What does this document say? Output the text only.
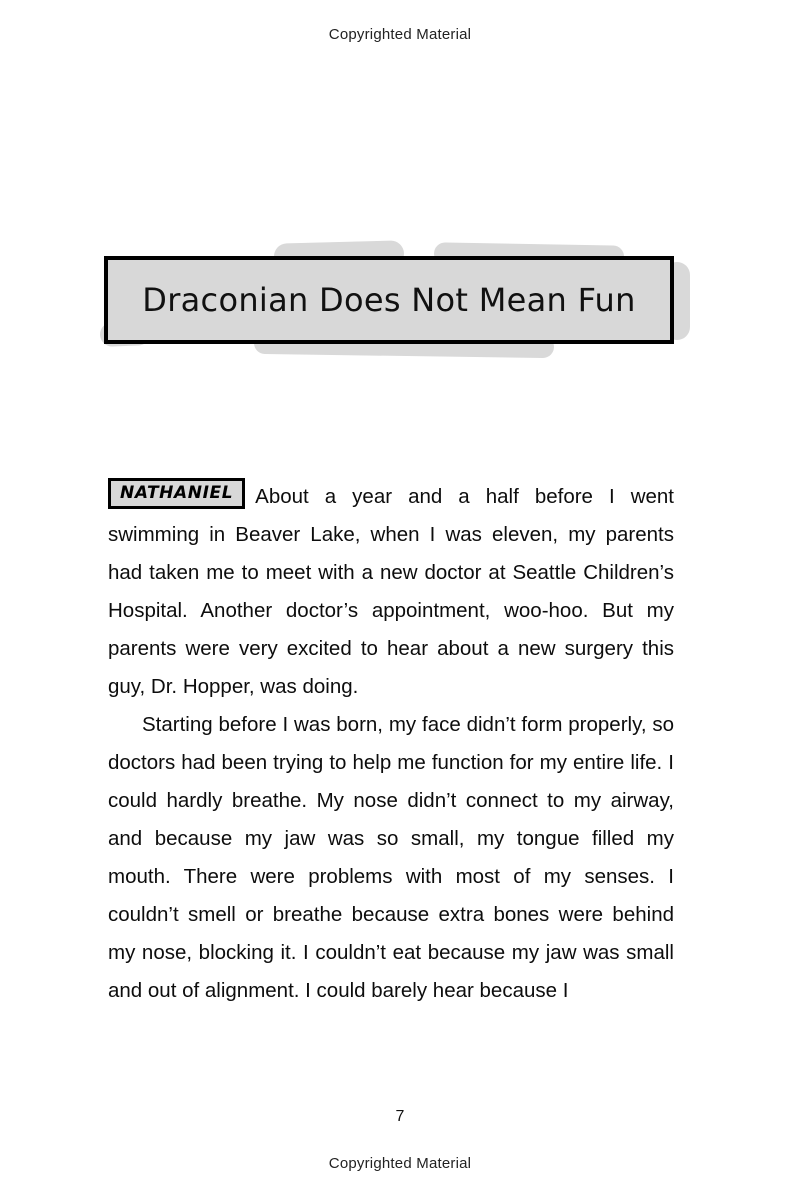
Copyrighted Material
Draconian Does Not Mean Fun

NATHANIEL About a year and a half before I went swimming in Beaver Lake, when I was eleven, my parents had taken me to meet with a new doctor at Seattle Children’s Hospital. Another doctor’s appointment, woo-hoo. But my parents were very excited to hear about a new surgery this guy, Dr. Hopper, was doing.

Starting before I was born, my face didn’t form properly, so doctors had been trying to help me function for my entire life. I could hardly breathe. My nose didn’t connect to my airway, and because my jaw was so small, my tongue filled my mouth. There were problems with most of my senses. I couldn’t smell or breathe because extra bones were behind my nose, blocking it. I couldn’t eat because my jaw was small and out of alignment. I could barely hear because I

7
Copyrighted Material
